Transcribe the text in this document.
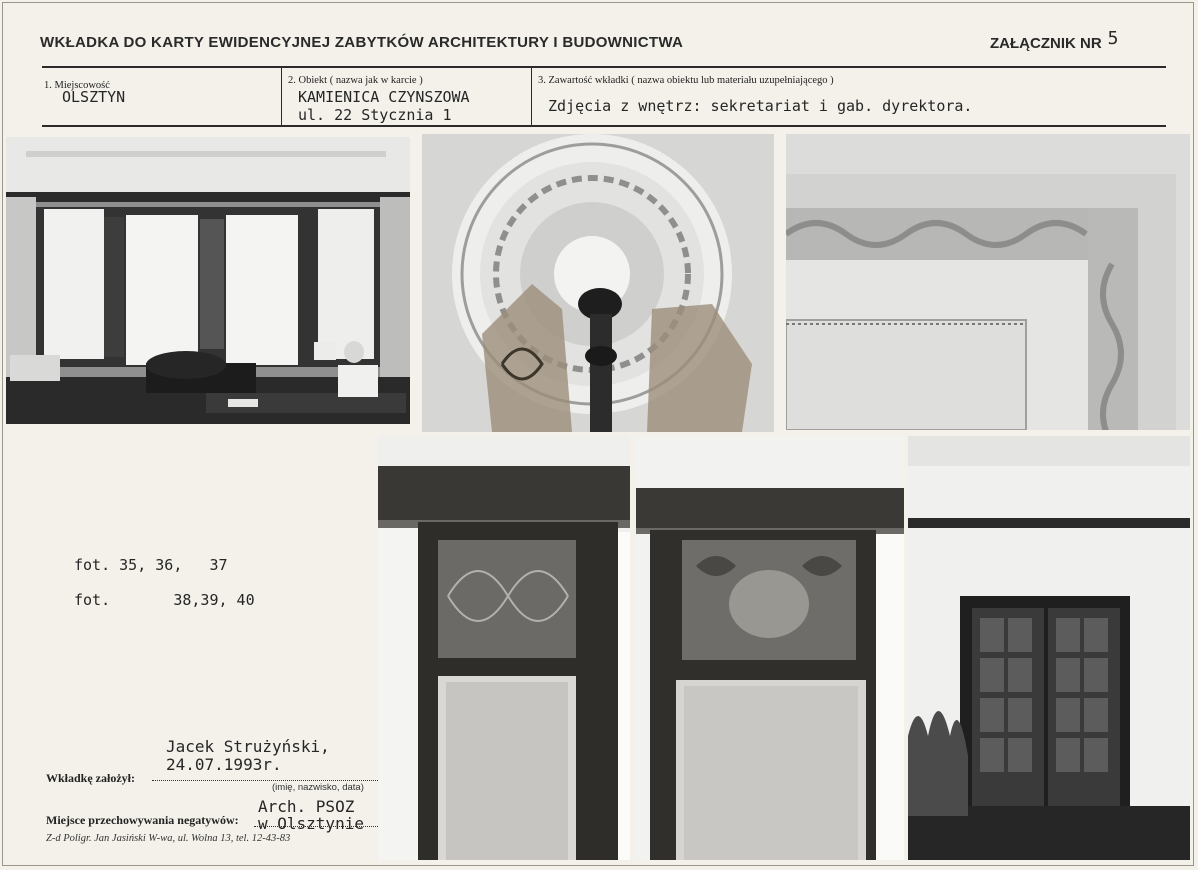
WKŁADKA DO KARTY EWIDENCYJNEJ ZABYTKÓW ARCHITEKTURY I BUDOWNICTWA	ZAŁĄCZNIK NR 5
1. Miejscowość
OLSZTYN
2. Obiekt ( nazwa jak w karcie )
KAMIENICA CZYNSZOWA
ul. 22 Stycznia 1
3. Zawartość wkładki ( nazwa obiektu lub materiału uzupełniającego )
Zdjęcia z wnętrz: sekretariat i gab. dyrektora.
fot. 35, 36,   37
fot.       38,39, 40
Jacek Strużyński,
24.07.1993r.
Wkładkę założył:
(imię, nazwisko, data)
Arch. PSOZ
Miejsce przechowywania negatywów: w Olsztynie
Z-d Poligr. Jan Jasiński W-wa, ul. Wolna 13, tel. 12-43-83
